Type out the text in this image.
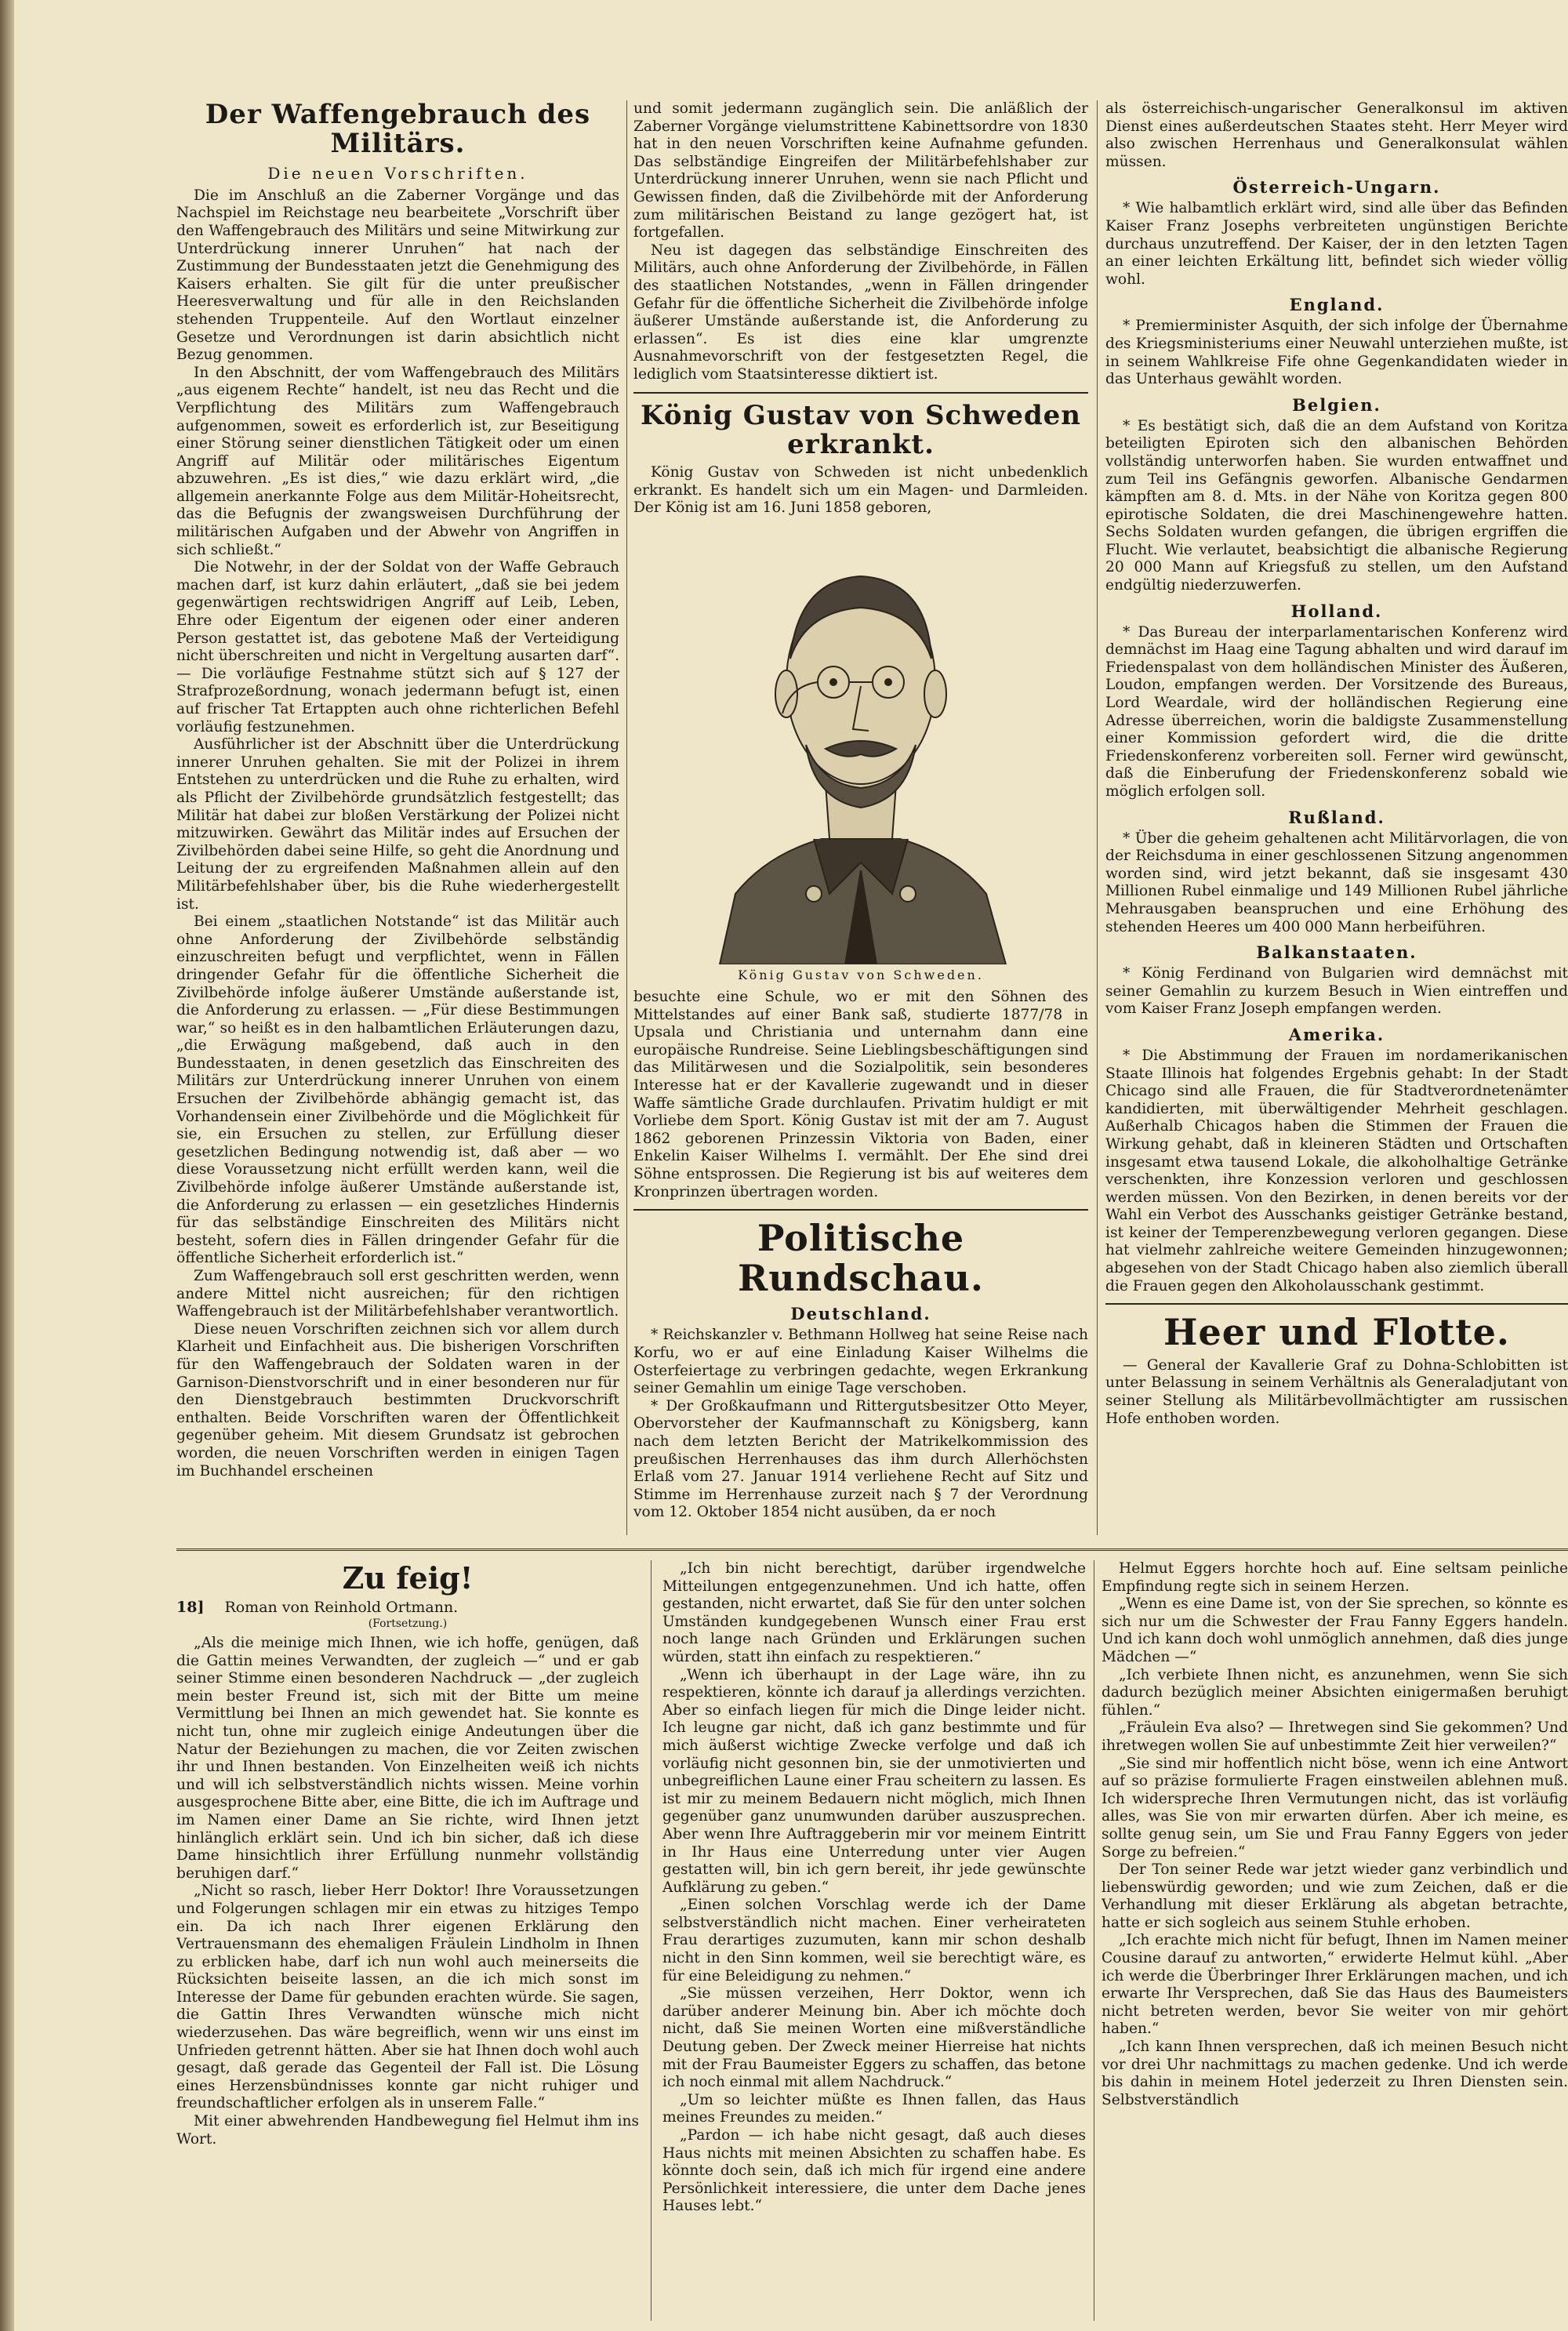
Der Waffengebrauch des Militärs.
Die neuen Vorschriften.

Die im Anschluß an die Zaberner Vorgänge und das Nachspiel im Reichstage neu bearbeitete „Vorschrift über den Waffengebrauch des Militärs und seine Mitwirkung zur Unterdrückung innerer Unruhen“ hat nach der Zustimmung der Bundesstaaten jetzt die Genehmigung des Kaisers erhalten. Sie gilt für die unter preußischer Heeresverwaltung und für alle in den Reichslanden stehenden Truppenteile. Auf den Wortlaut einzelner Gesetze und Verordnungen ist darin absichtlich nicht Bezug genommen.

In den Abschnitt, der vom Waffengebrauch des Militärs „aus eigenem Rechte“ handelt, ist neu das Recht und die Verpflichtung des Militärs zum Waffengebrauch aufgenommen, soweit es erforderlich ist, zur Beseitigung einer Störung seiner dienstlichen Tätigkeit oder um einen Angriff auf Militär oder militärisches Eigentum abzuwehren. „Es ist dies,“ wie dazu erklärt wird, „die allgemein anerkannte Folge aus dem Militär-Hoheitsrecht, das die Befugnis der zwangsweisen Durchführung der militärischen Aufgaben und der Abwehr von Angriffen in sich schließt.“

Die Notwehr, in der der Soldat von der Waffe Gebrauch machen darf, ist kurz dahin erläutert, „daß sie bei jedem gegenwärtigen rechtswidrigen Angriff auf Leib, Leben, Ehre oder Eigentum der eigenen oder einer anderen Person gestattet ist, das gebotene Maß der Verteidigung nicht überschreiten und nicht in Vergeltung ausarten darf“. — Die vorläufige Festnahme stützt sich auf § 127 der Strafprozeßordnung, wonach jedermann befugt ist, einen auf frischer Tat Ertappten auch ohne richterlichen Befehl vorläufig festzunehmen.

Ausführlicher ist der Abschnitt über die Unterdrückung innerer Unruhen gehalten. Sie mit der Polizei in ihrem Entstehen zu unterdrücken und die Ruhe zu erhalten, wird als Pflicht der Zivilbehörde grundsätzlich festgestellt; das Militär hat dabei zur bloßen Verstärkung der Polizei nicht mitzuwirken. Gewährt das Militär indes auf Ersuchen der Zivilbehörden dabei seine Hilfe, so geht die Anordnung und Leitung der zu ergreifenden Maßnahmen allein auf den Militärbefehlshaber über, bis die Ruhe wiederhergestellt ist.

Bei einem „staatlichen Notstande“ ist das Militär auch ohne Anforderung der Zivilbehörde selbständig einzuschreiten befugt und verpflichtet, wenn in Fällen dringender Gefahr für die öffentliche Sicherheit die Zivilbehörde infolge äußerer Umstände außerstande ist, die Anforderung zu erlassen. — „Für diese Bestimmungen war,“ so heißt es in den halbamtlichen Erläuterungen dazu, „die Erwägung maßgebend, daß auch in den Bundesstaaten, in denen gesetzlich das Einschreiten des Militärs zur Unterdrückung innerer Unruhen von einem Ersuchen der Zivilbehörde abhängig gemacht ist, das Vorhandensein einer Zivilbehörde und die Möglichkeit für sie, ein Ersuchen zu stellen, zur Erfüllung dieser gesetzlichen Bedingung notwendig ist, daß aber — wo diese Voraussetzung nicht erfüllt werden kann, weil die Zivilbehörde infolge äußerer Umstände außerstande ist, die Anforderung zu erlassen — ein gesetzliches Hindernis für das selbständige Einschreiten des Militärs nicht besteht, sofern dies in Fällen dringender Gefahr für die öffentliche Sicherheit erforderlich ist.“

Zum Waffengebrauch soll erst geschritten werden, wenn andere Mittel nicht ausreichen; für den richtigen Waffengebrauch ist der Militärbefehlshaber verantwortlich.

Diese neuen Vorschriften zeichnen sich vor allem durch Klarheit und Einfachheit aus. Die bisherigen Vorschriften für den Waffengebrauch der Soldaten waren in der Garnison-Dienstvorschrift und in einer besonderen nur für den Dienstgebrauch bestimmten Druckvorschrift enthalten. Beide Vorschriften waren der Öffentlichkeit gegenüber geheim. Mit diesem Grundsatz ist gebrochen worden, die neuen Vorschriften werden in einigen Tagen im Buchhandel erscheinen

und somit jedermann zugänglich sein. Die anläßlich der Zaberner Vorgänge vielumstrittene Kabinettsordre von 1830 hat in den neuen Vorschriften keine Aufnahme gefunden. Das selbständige Eingreifen der Militärbefehlshaber zur Unterdrückung innerer Unruhen, wenn sie nach Pflicht und Gewissen finden, daß die Zivilbehörde mit der Anforderung zum militärischen Beistand zu lange gezögert hat, ist fortgefallen.

Neu ist dagegen das selbständige Einschreiten des Militärs, auch ohne Anforderung der Zivilbehörde, in Fällen des staatlichen Notstandes, „wenn in Fällen dringender Gefahr für die öffentliche Sicherheit die Zivilbehörde infolge äußerer Umstände außerstande ist, die Anforderung zu erlassen“. Es ist dies eine klar umgrenzte Ausnahmevorschrift von der festgesetzten Regel, die lediglich vom Staatsinteresse diktiert ist.

König Gustav von Schweden erkrankt.

König Gustav von Schweden ist nicht unbedenklich erkrankt. Es handelt sich um ein Magen- und Darmleiden. Der König ist am 16. Juni 1858 geboren,

König Gustav von Schweden.

besuchte eine Schule, wo er mit den Söhnen des Mittelstandes auf einer Bank saß, studierte 1877/78 in Upsala und Christiania und unternahm dann eine europäische Rundreise. Seine Lieblingsbeschäftigungen sind das Militärwesen und die Sozialpolitik, sein besonderes Interesse hat er der Kavallerie zugewandt und in dieser Waffe sämtliche Grade durchlaufen. Privatim huldigt er mit Vorliebe dem Sport. König Gustav ist mit der am 7. August 1862 geborenen Prinzessin Viktoria von Baden, einer Enkelin Kaiser Wilhelms I. vermählt. Der Ehe sind drei Söhne entsprossen. Die Regierung ist bis auf weiteres dem Kronprinzen übertragen worden.

Politische Rundschau.
Deutschland.

* Reichskanzler v. Bethmann Hollweg hat seine Reise nach Korfu, wo er auf eine Einladung Kaiser Wilhelms die Osterfeiertage zu verbringen gedachte, wegen Erkrankung seiner Gemahlin um einige Tage verschoben.

* Der Großkaufmann und Rittergutsbesitzer Otto Meyer, Obervorsteher der Kaufmannschaft zu Königsberg, kann nach dem letzten Bericht der Matrikelkommission des preußischen Herrenhauses das ihm durch Allerhöchsten Erlaß vom 27. Januar 1914 verliehene Recht auf Sitz und Stimme im Herrenhause zurzeit nach § 7 der Verordnung vom 12. Oktober 1854 nicht ausüben, da er noch

als österreichisch-ungarischer Generalkonsul im aktiven Dienst eines außerdeutschen Staates steht. Herr Meyer wird also zwischen Herrenhaus und Generalkonsulat wählen müssen.

Österreich-Ungarn.

* Wie halbamtlich erklärt wird, sind alle über das Befinden Kaiser Franz Josephs verbreiteten ungünstigen Berichte durchaus unzutreffend. Der Kaiser, der in den letzten Tagen an einer leichten Erkältung litt, befindet sich wieder völlig wohl.

England.

* Premierminister Asquith, der sich infolge der Übernahme des Kriegsministeriums einer Neuwahl unterziehen mußte, ist in seinem Wahlkreise Fife ohne Gegenkandidaten wieder in das Unterhaus gewählt worden.

Belgien.

* Es bestätigt sich, daß die an dem Aufstand von Koritza beteiligten Epiroten sich den albanischen Behörden vollständig unterworfen haben. Sie wurden entwaffnet und zum Teil ins Gefängnis geworfen. Albanische Gendarmen kämpften am 8. d. Mts. in der Nähe von Koritza gegen 800 epirotische Soldaten, die drei Maschinengewehre hatten. Sechs Soldaten wurden gefangen, die übrigen ergriffen die Flucht. Wie verlautet, beabsichtigt die albanische Regierung 20 000 Mann auf Kriegsfuß zu stellen, um den Aufstand endgültig niederzuwerfen.

Holland.

* Das Bureau der interparlamentarischen Konferenz wird demnächst im Haag eine Tagung abhalten und wird darauf im Friedenspalast von dem holländischen Minister des Äußeren, Loudon, empfangen werden. Der Vorsitzende des Bureaus, Lord Weardale, wird der holländischen Regierung eine Adresse überreichen, worin die baldigste Zusammenstellung einer Kommission gefordert wird, die die dritte Friedenskonferenz vorbereiten soll. Ferner wird gewünscht, daß die Einberufung der Friedenskonferenz sobald wie möglich erfolgen soll.

Rußland.

* Über die geheim gehaltenen acht Militärvorlagen, die von der Reichsduma in einer geschlossenen Sitzung angenommen worden sind, wird jetzt bekannt, daß sie insgesamt 430 Millionen Rubel einmalige und 149 Millionen Rubel jährliche Mehrausgaben beanspruchen und eine Erhöhung des stehenden Heeres um 400 000 Mann herbeiführen.

Balkanstaaten.

* König Ferdinand von Bulgarien wird demnächst mit seiner Gemahlin zu kurzem Besuch in Wien eintreffen und vom Kaiser Franz Joseph empfangen werden.

Amerika.

* Die Abstimmung der Frauen im nordamerikanischen Staate Illinois hat folgendes Ergebnis gehabt: In der Stadt Chicago sind alle Frauen, die für Stadtverordnetenämter kandidierten, mit überwältigender Mehrheit geschlagen. Außerhalb Chicagos haben die Stimmen der Frauen die Wirkung gehabt, daß in kleineren Städten und Ortschaften insgesamt etwa tausend Lokale, die alkoholhaltige Getränke verschenkten, ihre Konzession verloren und geschlossen werden müssen. Von den Bezirken, in denen bereits vor der Wahl ein Verbot des Ausschanks geistiger Getränke bestand, ist keiner der Temperenzbewegung verloren gegangen. Diese hat vielmehr zahlreiche weitere Gemeinden hinzugewonnen; abgesehen von der Stadt Chicago haben also ziemlich überall die Frauen gegen den Alkoholausschank gestimmt.

Heer und Flotte.

— General der Kavallerie Graf zu Dohna-Schlobitten ist unter Belassung in seinem Verhältnis als Generaladjutant von seiner Stellung als Militärbevollmächtigter am russischen Hofe enthoben worden.

Zu feig!
18] Roman von Reinhold Ortmann.
(Fortsetzung.)

„Als die meinige mich Ihnen, wie ich hoffe, genügen, daß die Gattin meines Verwandten, der zugleich —“ und er gab seiner Stimme einen besonderen Nachdruck — „der zugleich mein bester Freund ist, sich mit der Bitte um meine Vermittlung bei Ihnen an mich gewendet hat. Sie konnte es nicht tun, ohne mir zugleich einige Andeutungen über die Natur der Beziehungen zu machen, die vor Zeiten zwischen ihr und Ihnen bestanden. Von Einzelheiten weiß ich nichts und will ich selbstverständlich nichts wissen. Meine vorhin ausgesprochene Bitte aber, eine Bitte, die ich im Auftrage und im Namen einer Dame an Sie richte, wird Ihnen jetzt hinlänglich erklärt sein. Und ich bin sicher, daß ich diese Dame hinsichtlich ihrer Erfüllung nunmehr vollständig beruhigen darf.“

„Nicht so rasch, lieber Herr Doktor! Ihre Voraussetzungen und Folgerungen schlagen mir ein etwas zu hitziges Tempo ein. Da ich nach Ihrer eigenen Erklärung den Vertrauensmann des ehemaligen Fräulein Lindholm in Ihnen zu erblicken habe, darf ich nun wohl auch meinerseits die Rücksichten beiseite lassen, an die ich mich sonst im Interesse der Dame für gebunden erachten würde. Sie sagen, die Gattin Ihres Verwandten wünsche mich nicht wiederzusehen. Das wäre begreiflich, wenn wir uns einst im Unfrieden getrennt hätten. Aber sie hat Ihnen doch wohl auch gesagt, daß gerade das Gegenteil der Fall ist. Die Lösung eines Herzensbündnisses konnte gar nicht ruhiger und freundschaftlicher erfolgen als in unserem Falle.“

Mit einer abwehrenden Handbewegung fiel Helmut ihm ins Wort.

„Ich bin nicht berechtigt, darüber irgendwelche Mitteilungen entgegenzunehmen. Und ich hatte, offen gestanden, nicht erwartet, daß Sie für den unter solchen Umständen kundgegebenen Wunsch einer Frau erst noch lange nach Gründen und Erklärungen suchen würden, statt ihn einfach zu respektieren.“

„Wenn ich überhaupt in der Lage wäre, ihn zu respektieren, könnte ich darauf ja allerdings verzichten. Aber so einfach liegen für mich die Dinge leider nicht. Ich leugne gar nicht, daß ich ganz bestimmte und für mich äußerst wichtige Zwecke verfolge und daß ich vorläufig nicht gesonnen bin, sie der unmotivierten und unbegreiflichen Laune einer Frau scheitern zu lassen. Es ist mir zu meinem Bedauern nicht möglich, mich Ihnen gegenüber ganz unumwunden darüber auszusprechen. Aber wenn Ihre Auftraggeberin mir vor meinem Eintritt in Ihr Haus eine Unterredung unter vier Augen gestatten will, bin ich gern bereit, ihr jede gewünschte Aufklärung zu geben.“

„Einen solchen Vorschlag werde ich der Dame selbstverständlich nicht machen. Einer verheirateten Frau derartiges zuzumuten, kann mir schon deshalb nicht in den Sinn kommen, weil sie berechtigt wäre, es für eine Beleidigung zu nehmen.“

„Sie müssen verzeihen, Herr Doktor, wenn ich darüber anderer Meinung bin. Aber ich möchte doch nicht, daß Sie meinen Worten eine mißverständliche Deutung geben. Der Zweck meiner Hierreise hat nichts mit der Frau Baumeister Eggers zu schaffen, das betone ich noch einmal mit allem Nachdruck.“

„Um so leichter müßte es Ihnen fallen, das Haus meines Freundes zu meiden.“

„Pardon — ich habe nicht gesagt, daß auch dieses Haus nichts mit meinen Absichten zu schaffen habe. Es könnte doch sein, daß ich mich für irgend eine andere Persönlichkeit interessiere, die unter dem Dache jenes Hauses lebt.“

Helmut Eggers horchte hoch auf. Eine seltsam peinliche Empfindung regte sich in seinem Herzen.

„Wenn es eine Dame ist, von der Sie sprechen, so könnte es sich nur um die Schwester der Frau Fanny Eggers handeln. Und ich kann doch wohl unmöglich annehmen, daß dies junge Mädchen —“

„Ich verbiete Ihnen nicht, es anzunehmen, wenn Sie sich dadurch bezüglich meiner Absichten einigermaßen beruhigt fühlen.“

„Fräulein Eva also? — Ihretwegen sind Sie gekommen? Und ihretwegen wollen Sie auf unbestimmte Zeit hier verweilen?“

„Sie sind mir hoffentlich nicht böse, wenn ich eine Antwort auf so präzise formulierte Fragen einstweilen ablehnen muß. Ich widerspreche Ihren Vermutungen nicht, das ist vorläufig alles, was Sie von mir erwarten dürfen. Aber ich meine, es sollte genug sein, um Sie und Frau Fanny Eggers von jeder Sorge zu befreien.“

Der Ton seiner Rede war jetzt wieder ganz verbindlich und liebenswürdig geworden; und wie zum Zeichen, daß er die Verhandlung mit dieser Erklärung als abgetan betrachte, hatte er sich sogleich aus seinem Stuhle erhoben.

„Ich erachte mich nicht für befugt, Ihnen im Namen meiner Cousine darauf zu antworten,“ erwiderte Helmut kühl. „Aber ich werde die Überbringer Ihrer Erklärungen machen, und ich erwarte Ihr Versprechen, daß Sie das Haus des Baumeisters nicht betreten werden, bevor Sie weiter von mir gehört haben.“

„Ich kann Ihnen versprechen, daß ich meinen Besuch nicht vor drei Uhr nachmittags zu machen gedenke. Und ich werde bis dahin in meinem Hotel jederzeit zu Ihren Diensten sein. Selbstverständlich
